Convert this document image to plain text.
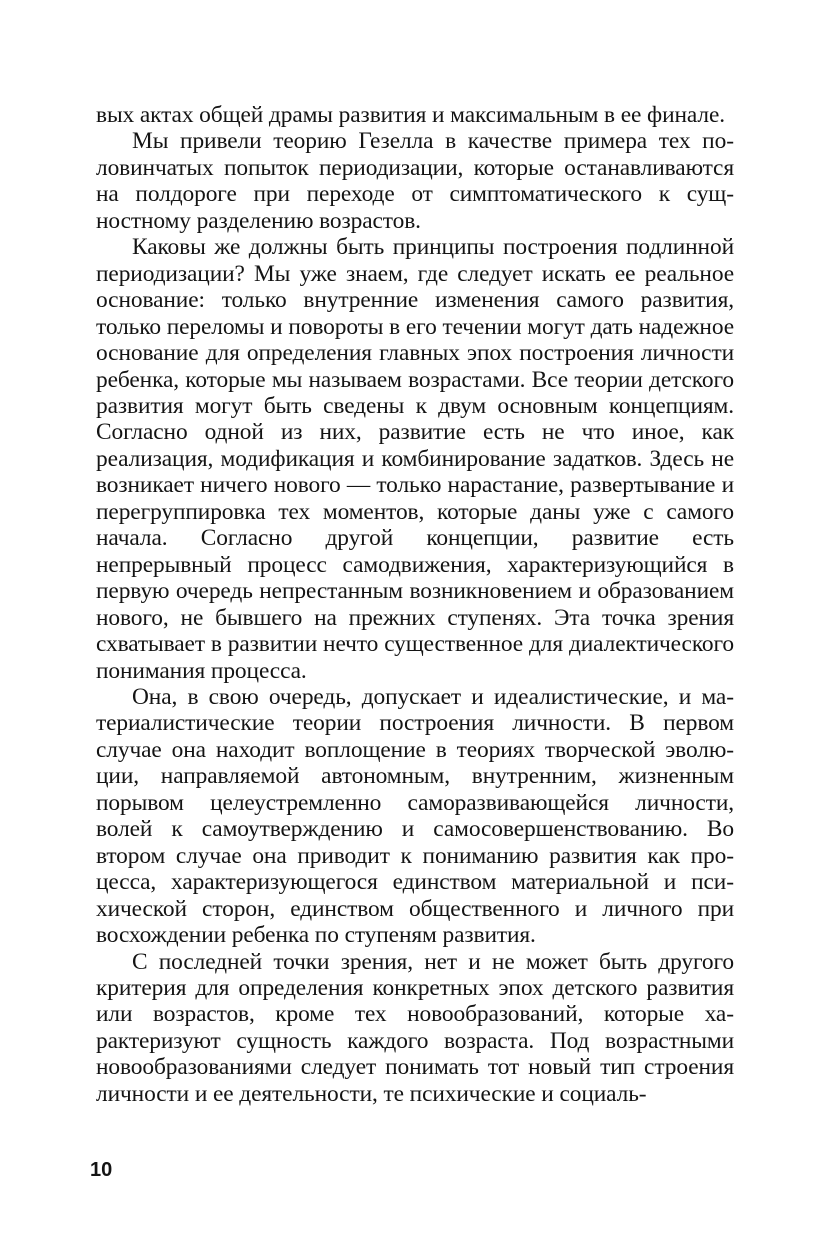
вых актах общей драмы развития и максимальным в ее финале.

Мы привели теорию Гезелла в качестве примера тех половинчатых попыток периодизации, которые останавливаются на полдороге при переходе от симптоматического к сущностному разделению возрастов.

Каковы же должны быть принципы построения подлинной периодизации? Мы уже знаем, где следует искать ее реальное основание: только внутренние изменения самого развития, только переломы и повороты в его течении могут дать надежное основание для определения главных эпох построения личности ребенка, которые мы называем возрастами. Все теории детского развития могут быть сведены к двум основным концепциям. Согласно одной из них, развитие есть не что иное, как реализация, модификация и комбинирование задатков. Здесь не возникает ничего нового — только нарастание, развертывание и перегруппировка тех моментов, которые даны уже с самого начала. Согласно другой концепции, развитие есть непрерывный процесс самодвижения, характеризующийся в первую очередь непрестанным возникновением и образованием нового, не бывшего на прежних ступенях. Эта точка зрения схватывает в развитии нечто существенное для диалектического понимания процесса.

Она, в свою очередь, допускает и идеалистические, и материалистические теории построения личности. В первом случае она находит воплощение в теориях творческой эволюции, направляемой автономным, внутренним, жизненным порывом целеустремленно саморазвивающейся личности, волей к самоутверждению и самосовершенствованию. Во втором случае она приводит к пониманию развития как процесса, характеризующегося единством материальной и психической сторон, единством общественного и личного при восхождении ребенка по ступеням развития.

С последней точки зрения, нет и не может быть другого критерия для определения конкретных эпох детского развития или возрастов, кроме тех новообразований, которые характеризуют сущность каждого возраста. Под возрастными новообразованиями следует понимать тот новый тип строения личности и ее деятельности, те психические и социаль-

10
